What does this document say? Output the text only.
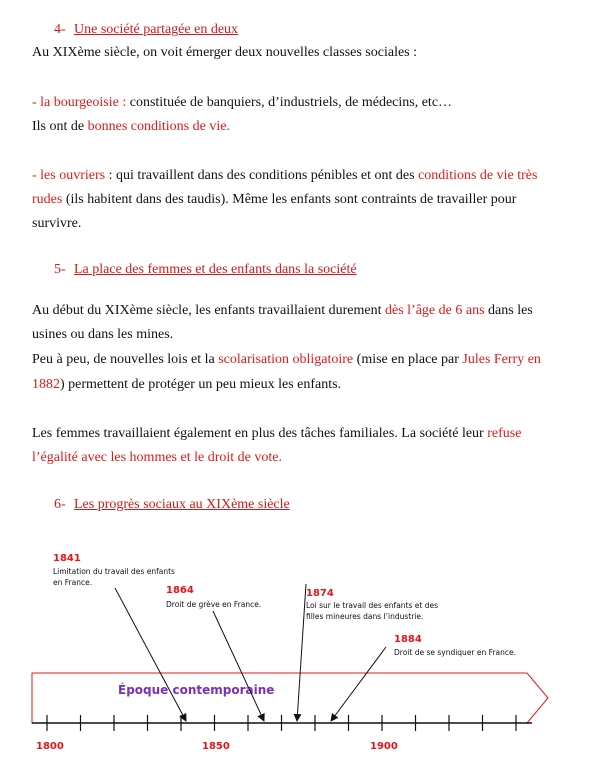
4- Une société partagée en deux
Au XIXème siècle, on voit émerger deux nouvelles classes sociales :
- la bourgeoisie : constituée de banquiers, d’industriels, de médecins, etc…
Ils ont de bonnes conditions de vie.
- les ouvriers : qui travaillent dans des conditions pénibles et ont des conditions de vie très
rudes (ils habitent dans des taudis). Même les enfants sont contraints de travailler pour
survivre.
5- La place des femmes et des enfants dans la société
Au début du XIXème siècle, les enfants travaillaient durement dès l’âge de 6 ans dans les
usines ou dans les mines.
Peu à peu, de nouvelles lois et la scolarisation obligatoire (mise en place par Jules Ferry en
1882) permettent de protéger un peu mieux les enfants.
Les femmes travaillaient également en plus des tâches familiales. La société leur refuse
l’égalité avec les hommes et le droit de vote.
6- Les progrès sociaux au XIXème siècle
Époque contemporaine
1800	1850	1900
1841
Limitation du travail des enfants
en France.
1864
Droit de grève en France.
1874
Loi sur le travail des enfants et des
filles mineures dans l’industrie.
1884
Droit de se syndiquer en France.
